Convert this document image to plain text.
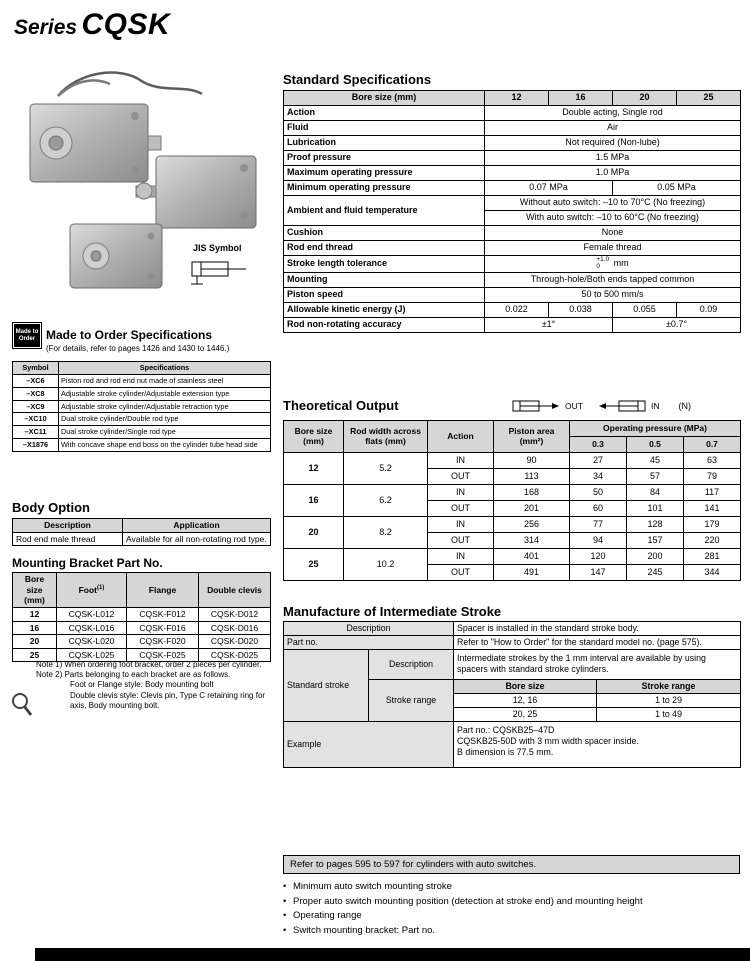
Series CQSK
JIS Symbol
Made to Order Made to Order Specifications
(For details, refer to pages 1426 and 1430 to 1446.)
Symbol	Specifications
–XC6	Piston rod and rod end nut made of stainless steel
–XC8	Adjustable stroke cylinder/Adjustable extension type
–XC9	Adjustable stroke cylinder/Adjustable retraction type
–XC10	Dual stroke cylinder/Double rod type
–XC11	Dual stroke cylinder/Single rod type
–X1876	With concave shape end boss on the cylinder tube head side
Body Option
Description	Application
Rod end male thread	Available for all non-rotating rod type.
Mounting Bracket Part No.
Bore size (mm)	Foot$^{(1)}$	Flange	Double clevis
12	CQSK-L012	CQSK-F012	CQSK-D012
16	CQSK-L016	CQSK-F016	CQSK-D016
20	CQSK-L020	CQSK-F020	CQSK-D020
25	CQSK-L025	CQSK-F025	CQSK-D025
Note 1) When ordering foot bracket, order 2 pieces per cylinder.
Note 2) Parts belonging to each bracket are as follows.
Foot or Flange style: Body mounting bolt
Double clevis style: Clevis pin, Type C retaining ring for axis, Body mounting bolt.
Standard Specifications
Bore size (mm)	12	16	20	25
Action	Double acting, Single rod			
Fluid	Air			
Lubrication	Not required (Non-lube)			
Proof pressure	1.5 MPa			
Maximum operating pressure	1.0 MPa			
Minimum operating pressure	0.07 MPa		0.05 MPa	
Ambient and fluid temperature	Without auto switch: –10 to 70°C (No freezing)			
	With auto switch: –10 to 60°C (No freezing)			
Cushion	None			
Rod end thread	Female thread			
Stroke length tolerance	+1.0
0 mm			
Mounting	Through-hole/Both ends tapped common			
Piston speed	50 to 500 mm/s			
Allowable kinetic energy (J)	0.022	0.038	0.055	0.09
Rod non-rotating accuracy	±1°		±0.7°	
Theoretical Output	OUT	IN (N)
Bore size (mm)	Rod width across flats (mm)	Action	Piston area (mm²)	Operating pressure (MPa)		
				0.3	0.5	0.7
12	5.2	IN	90	27	45	63
		OUT	113	34	57	79
16	6.2	IN	168	50	84	117
		OUT	201	60	101	141
20	8.2	IN	256	77	128	179
		OUT	314	94	157	220
25	10.2	IN	401	120	200	281
		OUT	491	147	245	344
Manufacture of Intermediate Stroke
Description		Spacer is installed in the standard stroke body.	
Part no.		Refer to "How to Order" for the standard model no. (page 575).	
Standard stroke	Description	Intermediate strokes by the 1 mm interval are available by using spacers with standard stroke cylinders.	
	Stroke range	Bore size	Stroke range
		12, 16	1 to 29
		20, 25	1 to 49
Example		Part no.: CQSKB25–47D
CQSKB25-50D with 3 mm width spacer inside.
B dimension is 77.5 mm.	
Refer to pages 595 to 597 for cylinders with auto switches.
• Minimum auto switch mounting stroke
• Proper auto switch mounting position (detection at stroke end) and mounting height
• Operating range
• Switch mounting bracket: Part no.
